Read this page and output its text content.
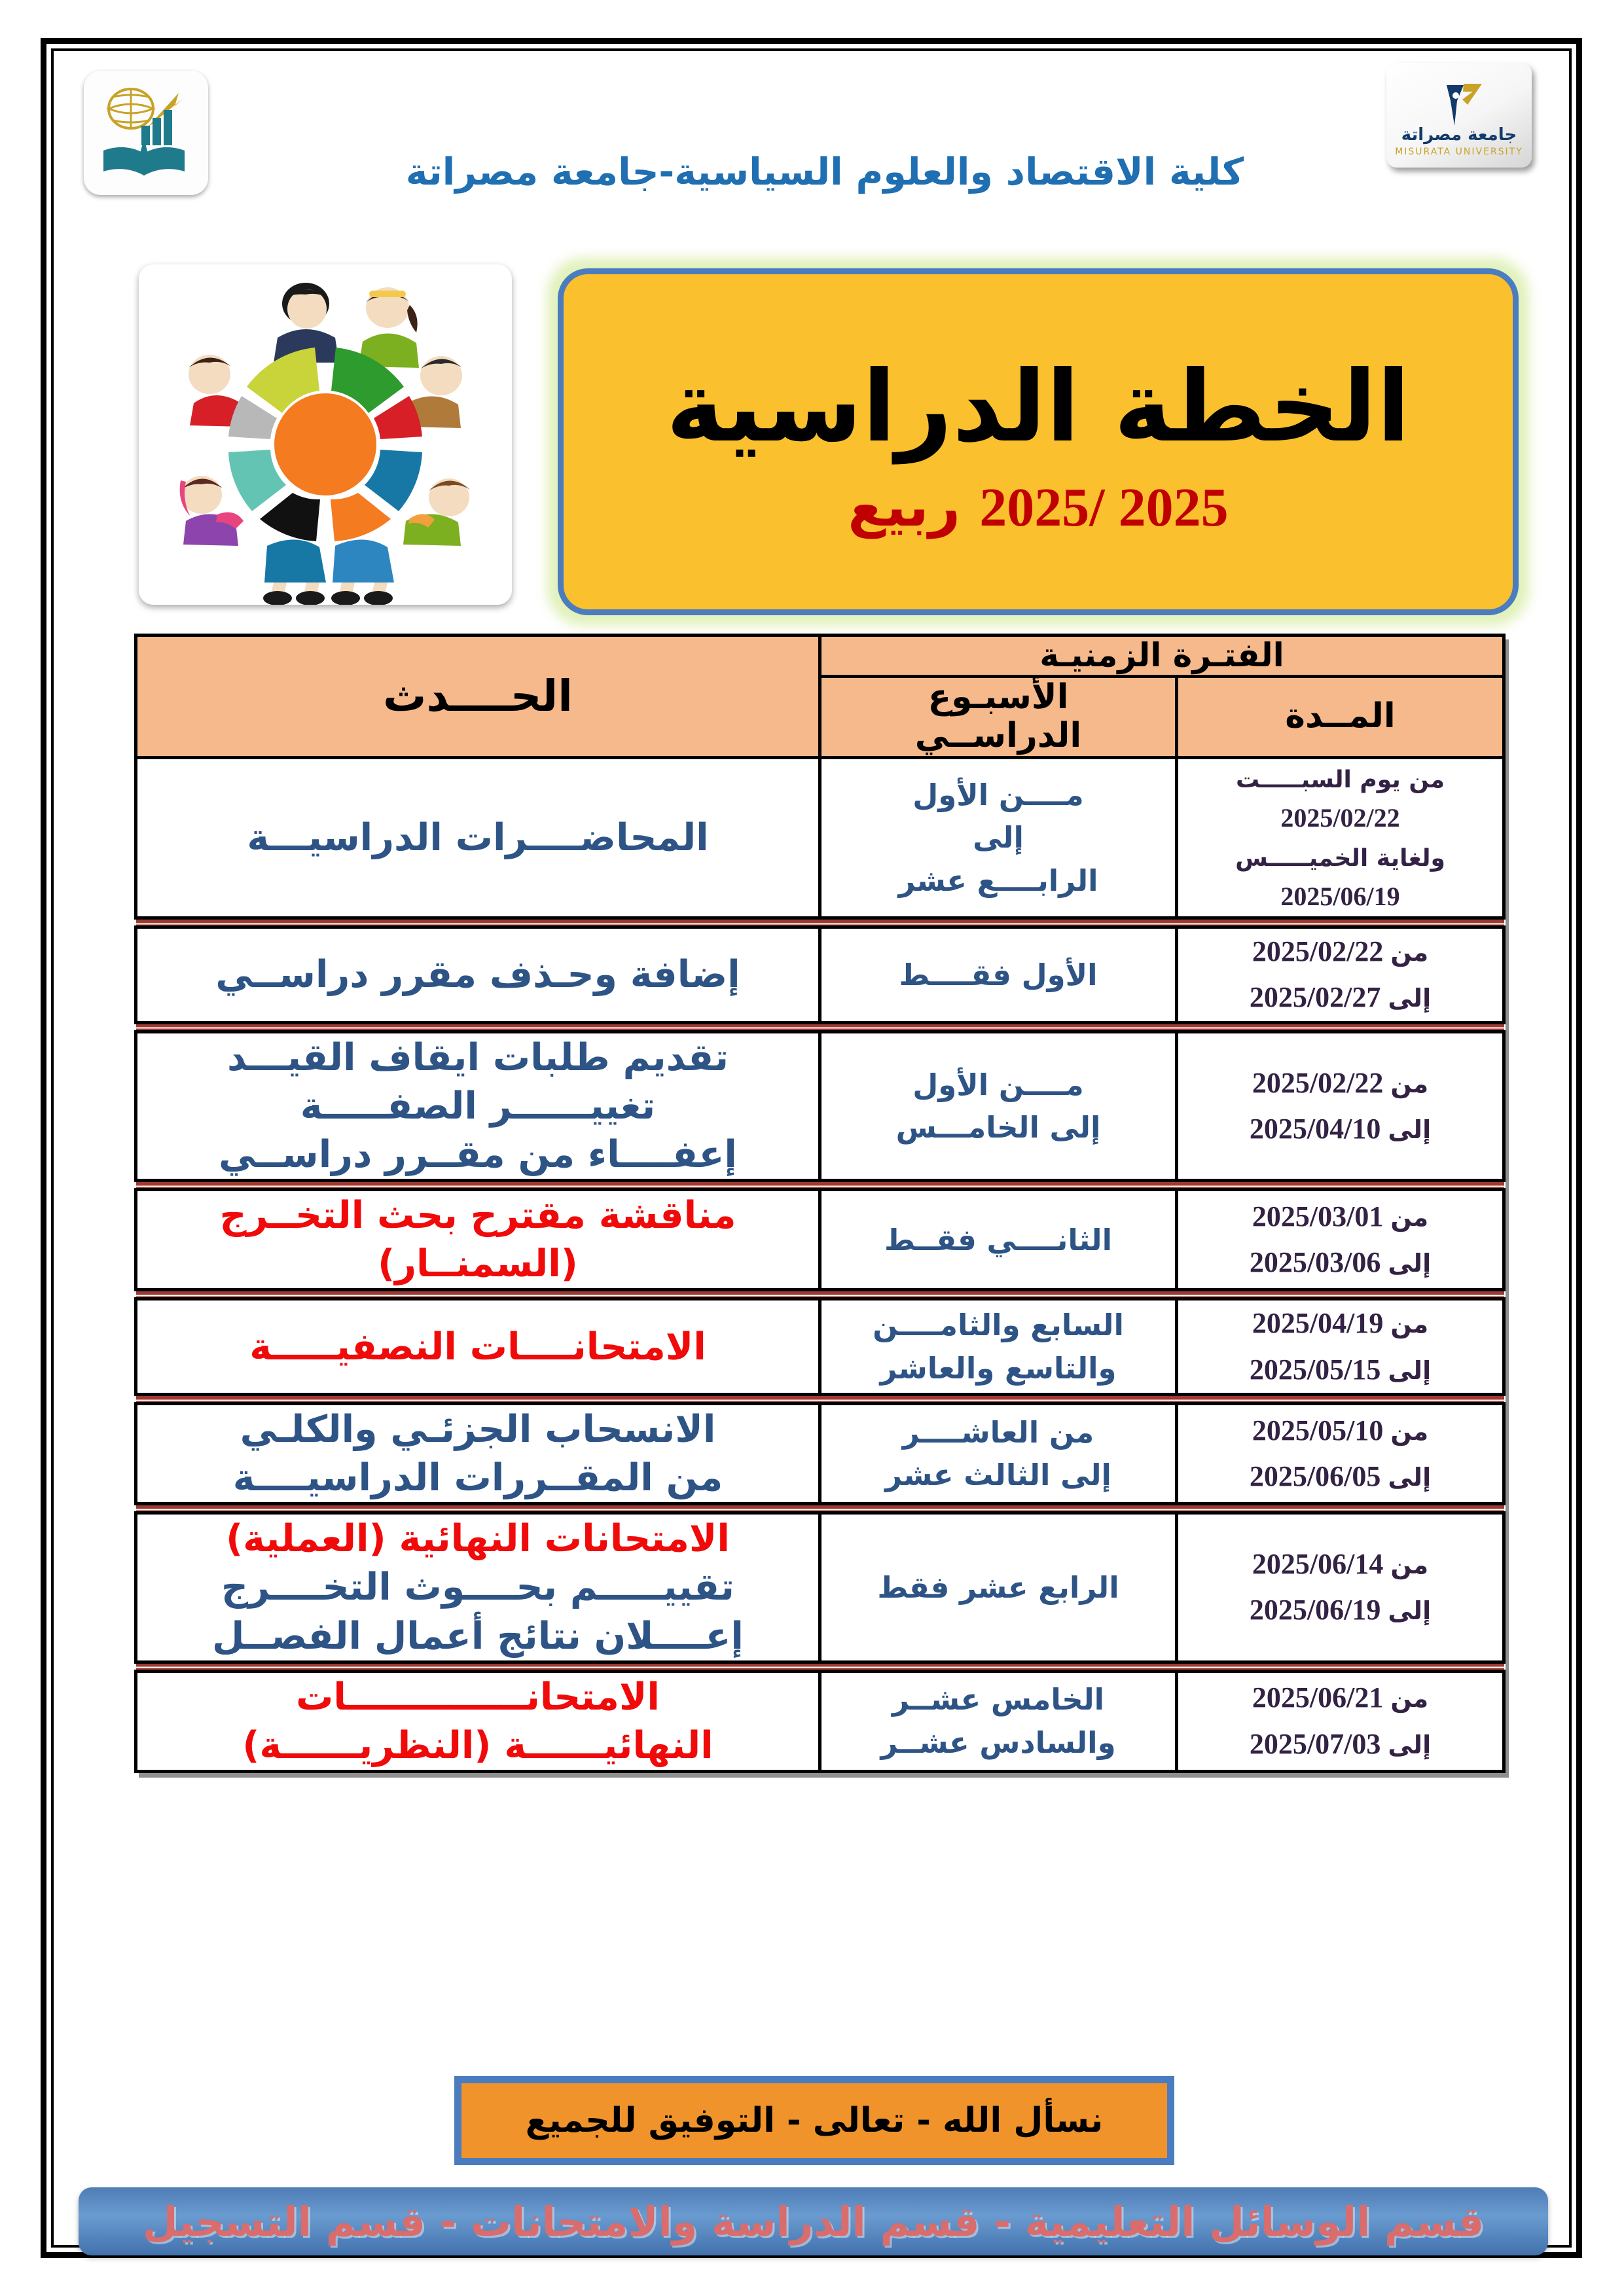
جامعة مصراتة
MISURATA UNIVERSITY
كلية الاقتصاد والعلوم السياسية-جامعة مصراتة
الخطة الدراسية
2025/ 2025 ربيع
الفتـرة الزمنيـة		الحــــدث
المــدة	الأسبـوع
الدراســي	

من يوم السبـــــت
2025/02/22
ولغاية الخميـــــس
2025/06/19	مــــن الأول
إلى
الرابــــع عشر	المحاضــــرات الدراسيـــة

من 2025/02/22
إلى 2025/02/27	الأول فقــــط	إضافة وحـذف مقرر دراســي

من 2025/02/22
إلى 2025/04/10	مــــن الأول
إلى الخامـــس	تقديم طلبات ايقاف القيـــد
تغييــــــر الصفـــــة
إعفــــاء من مقــرر دراســي

من 2025/03/01
إلى 2025/03/06	الثانــــي فقــط	مناقشة مقترح بحث التخــرج
(السمنــار)

من 2025/04/19
إلى 2025/05/15	السابع والثامــــن
والتاسع والعاشر	الامتحانــــات النصفيـــــة

من 2025/05/10
إلى 2025/06/05	من العاشــــر
إلى الثالث عشر	الانسحاب الجزئـي والكلـي
من المقــررات الدراسيــــة

من 2025/06/14
إلى 2025/06/19	الرابع عشر فقط	الامتحانات النهائية (العملية)
تقييـــــم بحــــوث التخــــرج
إعــــلان نتائج أعمال الفصــل

من 2025/06/21
إلى 2025/07/03	الخامس عشــر
والسادس عشــر	الامتحانــــــــــــــات
النهائيــــــة (النظريــــــة)
نسأل الله - تعالى - التوفيق للجميع
قسم الوسائل التعليمية - قسم الدراسة والامتحانات - قسم التسجيل
